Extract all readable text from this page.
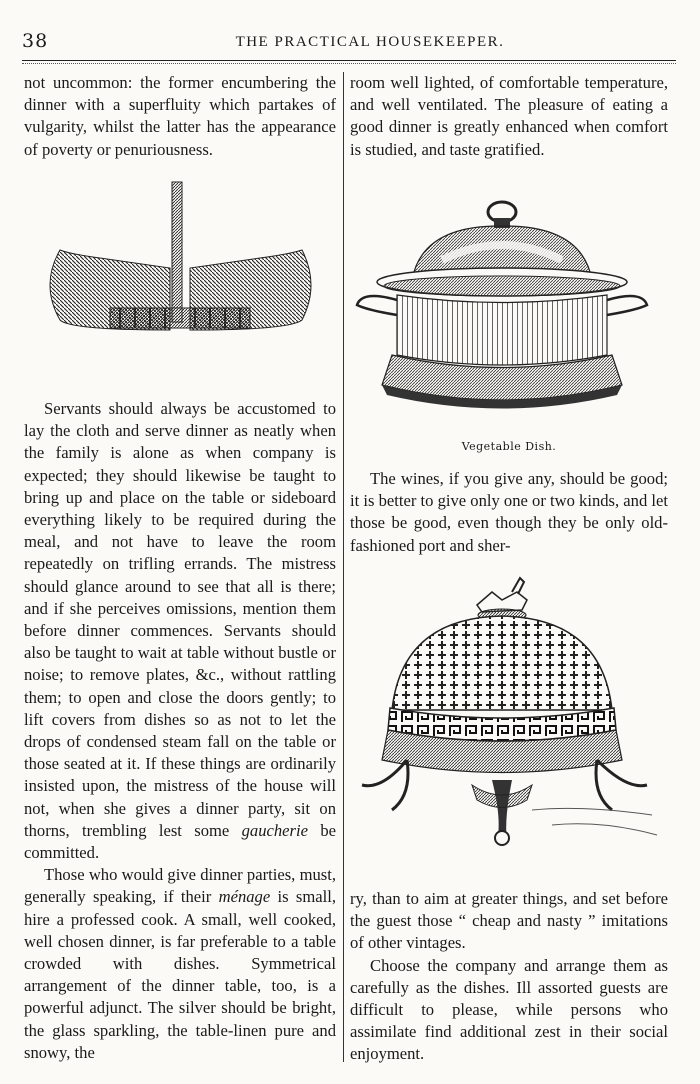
38	THE PRACTICAL HOUSEKEEPER.

not uncommon: the former encumbering the dinner with a superfluity which partakes of vulgarity, whilst the latter has the appearance of poverty or penuriousness.

Servants should always be accustomed to lay the cloth and serve dinner as neatly when the family is alone as when company is expected; they should likewise be taught to bring up and place on the table or sideboard everything likely to be required during the meal, and not have to leave the room repeatedly on trifling errands. The mistress should glance around to see that all is there; and if she perceives omissions, mention them before dinner commences. Servants should also be taught to wait at table without bustle or noise; to remove plates, &c., without rattling them; to open and close the doors gently; to lift covers from dishes so as not to let the drops of condensed steam fall on the table or those seated at it. If these things are ordinarily insisted upon, the mistress of the house will not, when she gives a dinner party, sit on thorns, trembling lest some gaucherie be committed.

Those who would give dinner parties, must, generally speaking, if their ménage is small, hire a professed cook. A small, well cooked, well chosen dinner, is far preferable to a table crowded with dishes. Symmetrical arrangement of the dinner table, too, is a powerful adjunct. The silver should be bright, the glass sparkling, the table-linen pure and snowy, the

room well lighted, of comfortable temperature, and well ventilated. The pleasure of eating a good dinner is greatly enhanced when comfort is studied, and taste gratified.

Vegetable Dish.

The wines, if you give any, should be good; it is better to give only one or two kinds, and let those be good, even though they be only old-fashioned port and sher-

ry, than to aim at greater things, and set before the guest those “ cheap and nasty ” imitations of other vintages.

Choose the company and arrange them as carefully as the dishes. Ill assorted guests are difficult to please, while persons who assimilate find additional zest in their social enjoyment.
